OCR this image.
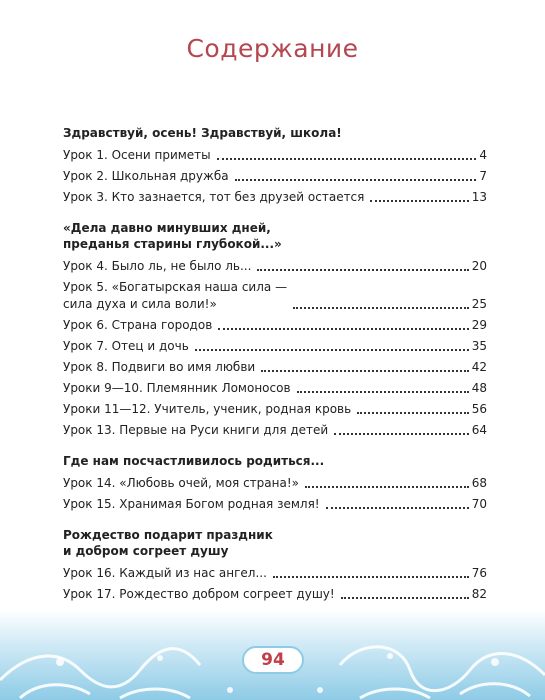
Содержание
Здравствуй, осень! Здравствуй, школа!
Урок 1. Осени приметы	4
Урок 2. Школьная дружба	7
Урок 3. Кто зазнается, тот без друзей остается	13
«Дела давно минувших дней,
преданья старины глубокой...»
Урок 4. Было ль, не было ль...	20
Урок 5. «Богатырская наша сила —
сила духа и сила воли!»	25
Урок 6. Страна городов	29
Урок 7. Отец и дочь	35
Урок 8. Подвиги во имя любви	42
Уроки 9—10. Племянник Ломоносов	48
Уроки 11—12. Учитель, ученик, родная кровь	56
Урок 13. Первые на Руси книги для детей	64
Где нам посчастливилось родиться...
Урок 14. «Любовь очей, моя страна!»	68
Урок 15. Хранимая Богом родная земля!	70
Рождество подарит праздник
и добром согреет душу
Урок 16. Каждый из нас ангел...	76
Урок 17. Рождество добром согреет душу!	82
94
